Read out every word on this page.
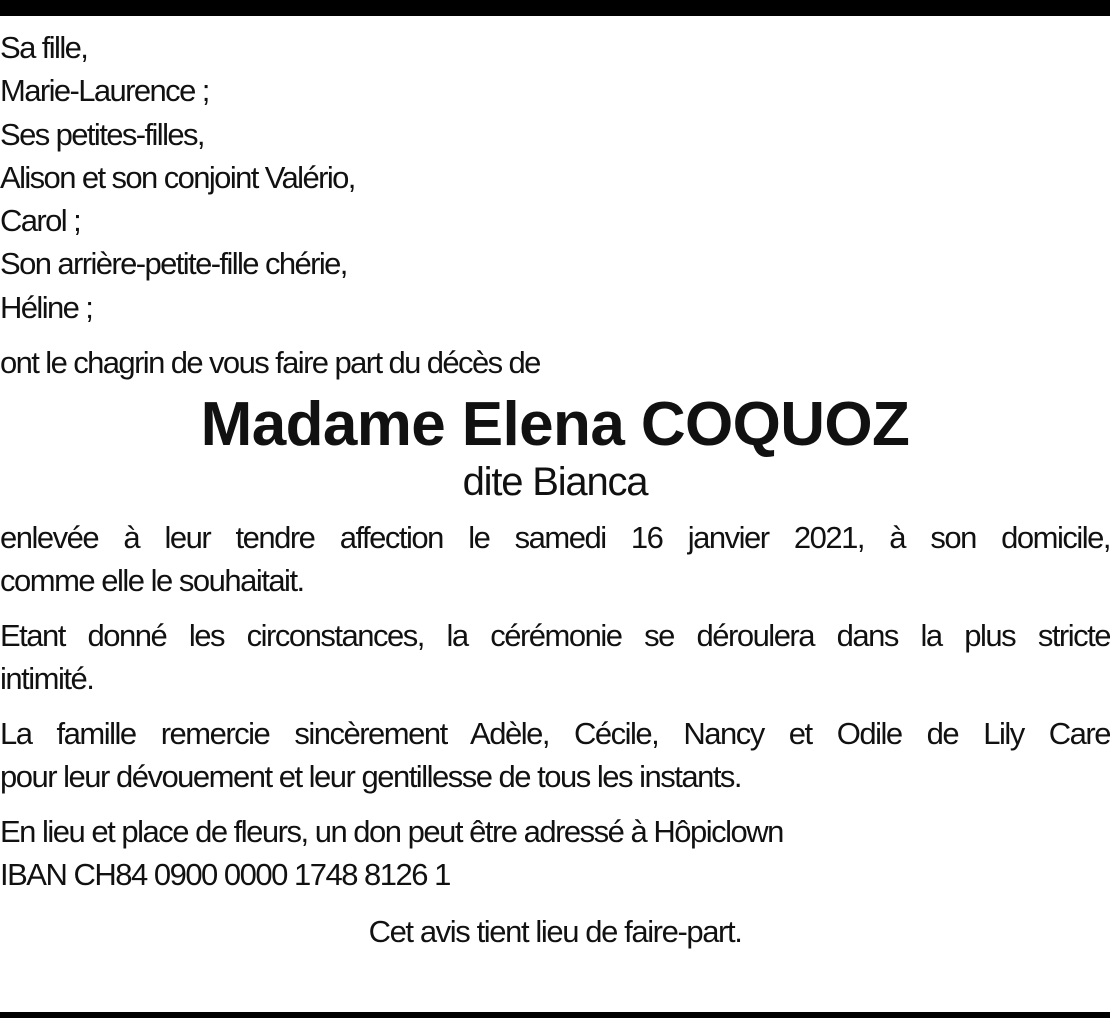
Sa fille,
Marie-Laurence ;
Ses petites-filles,
Alison et son conjoint Valério,
Carol ;
Son arrière-petite-fille chérie,
Héline ;
ont le chagrin de vous faire part du décès de
Madame Elena COQUOZ
dite Bianca
enlevée à leur tendre affection le samedi 16 janvier 2021, à son domicile,
comme elle le souhaitait.
Etant donné les circonstances, la cérémonie se déroulera dans la plus stricte
intimité.
La famille remercie sincèrement Adèle, Cécile, Nancy et Odile de Lily Care
pour leur dévouement et leur gentillesse de tous les instants.
En lieu et place de fleurs, un don peut être adressé à Hôpiclown
IBAN CH84 0900 0000 1748 8126 1
Cet avis tient lieu de faire-part.
